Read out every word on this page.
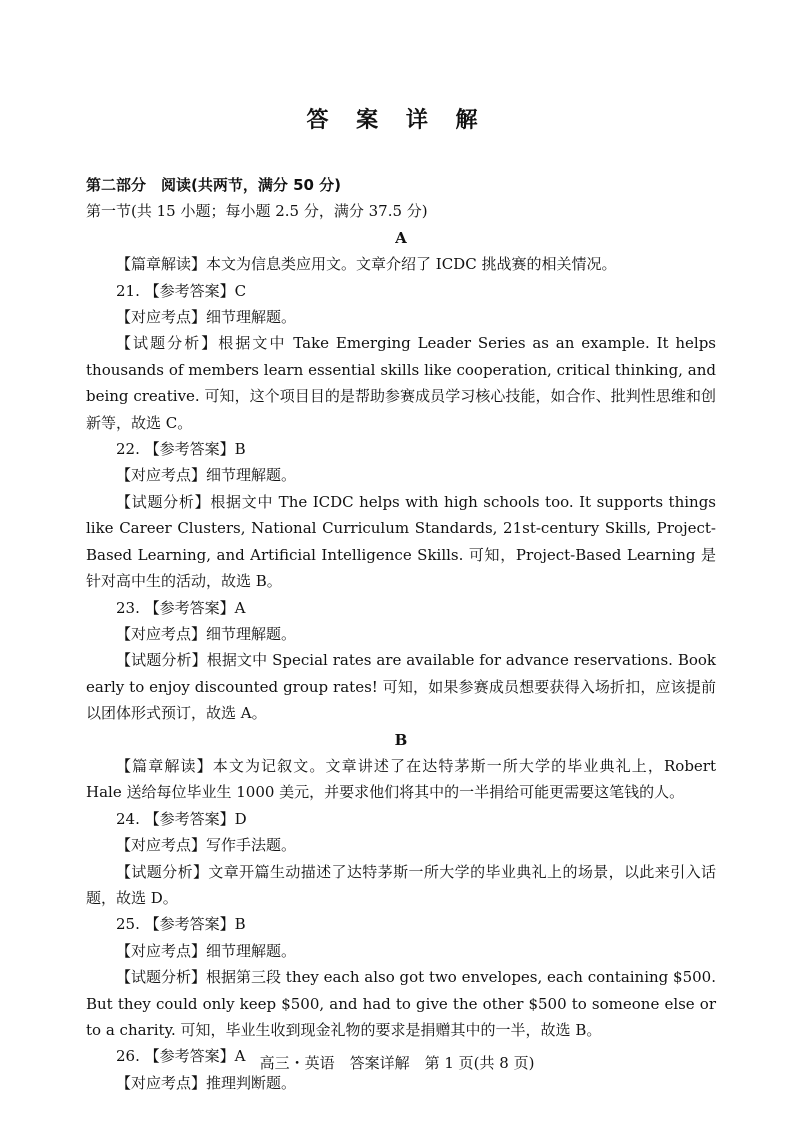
答 案 详 解
第二部分　阅读(共两节，满分 50 分)
第一节(共 15 小题；每小题 2.5 分，满分 37.5 分)
A
【篇章解读】本文为信息类应用文。文章介绍了 ICDC 挑战赛的相关情况。
21. 【参考答案】C
【对应考点】细节理解题。
【试题分析】根据文中 Take Emerging Leader Series as an example. It helps thousands of members learn essential skills like cooperation, critical thinking, and being creative. 可知，这个项目目的是帮助参赛成员学习核心技能，如合作、批判性思维和创新等，故选 C。
22. 【参考答案】B
【对应考点】细节理解题。
【试题分析】根据文中 The ICDC helps with high schools too. It supports things like Career Clusters, National Curriculum Standards, 21st-century Skills, Project-Based Learning, and Artificial Intelligence Skills. 可知，Project-Based Learning 是针对高中生的活动，故选 B。
23. 【参考答案】A
【对应考点】细节理解题。
【试题分析】根据文中 Special rates are available for advance reservations. Book early to enjoy discounted group rates! 可知，如果参赛成员想要获得入场折扣，应该提前以团体形式预订，故选 A。
B
【篇章解读】本文为记叙文。文章讲述了在达特茅斯一所大学的毕业典礼上，Robert Hale 送给每位毕业生 1000 美元，并要求他们将其中的一半捐给可能更需要这笔钱的人。
24. 【参考答案】D
【对应考点】写作手法题。
【试题分析】文章开篇生动描述了达特茅斯一所大学的毕业典礼上的场景，以此来引入话题，故选 D。
25. 【参考答案】B
【对应考点】细节理解题。
【试题分析】根据第三段 they each also got two envelopes, each containing $500. But they could only keep $500, and had to give the other $500 to someone else or to a charity. 可知，毕业生收到现金礼物的要求是捐赠其中的一半，故选 B。
26. 【参考答案】A
【对应考点】推理判断题。
高三・英语　答案详解　第 1 页(共 8 页)
